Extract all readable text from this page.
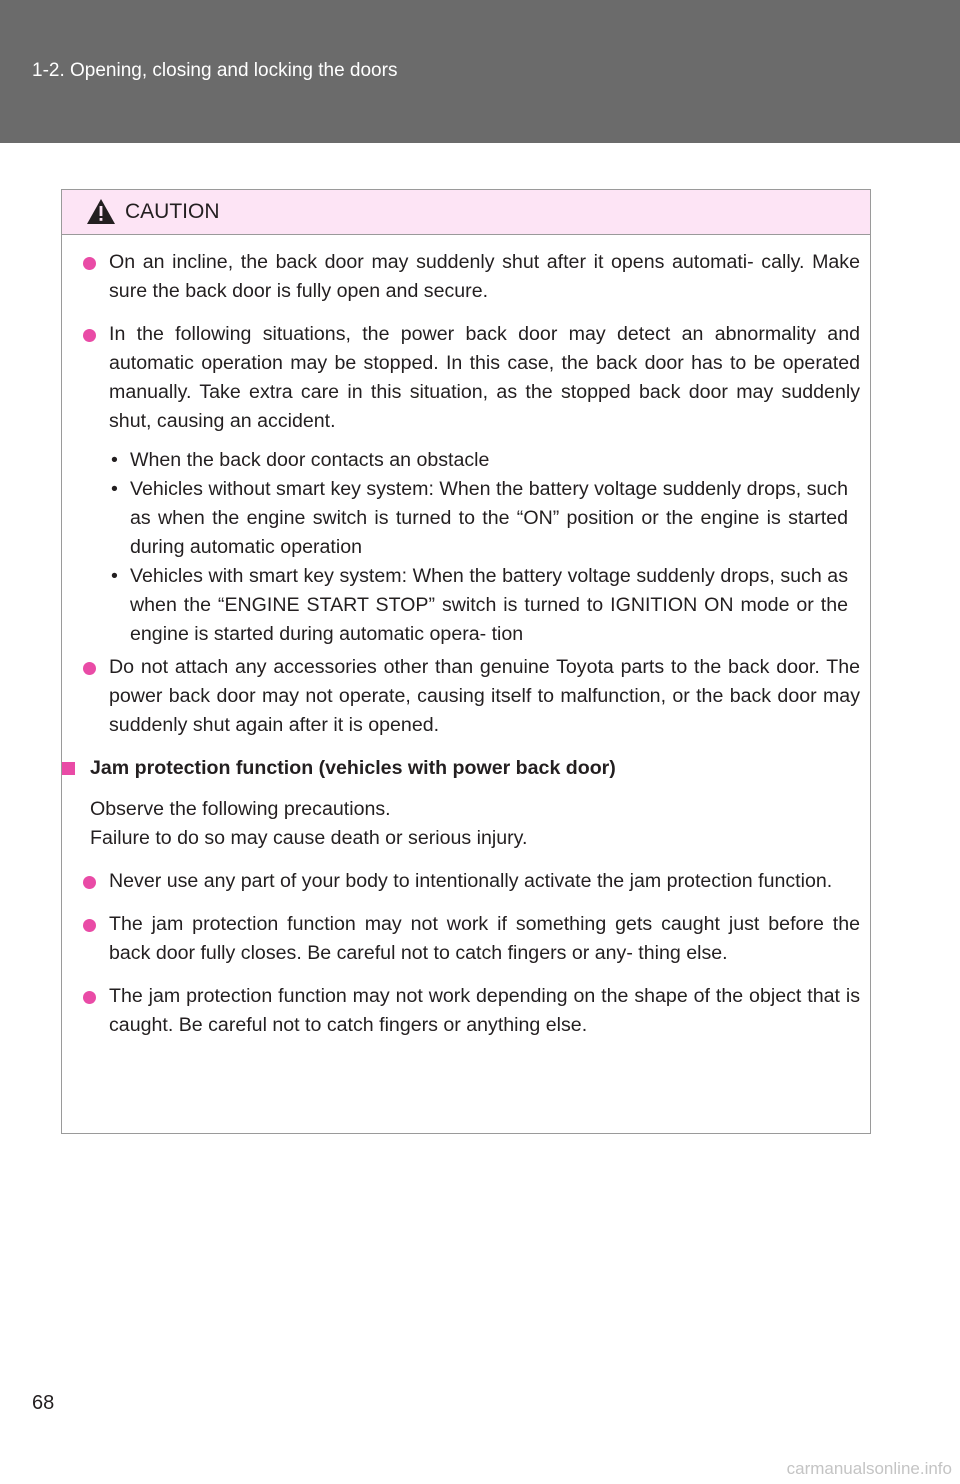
1-2. Opening, closing and locking the doors
CAUTION
On an incline, the back door may suddenly shut after it opens automati- cally. Make sure the back door is fully open and secure.
In the following situations, the power back door may detect an abnormality and automatic operation may be stopped. In this case, the back door has to be operated manually. Take extra care in this situation, as the stopped back door may suddenly shut, causing an accident.
• When the back door contacts an obstacle
• Vehicles without smart key system: When the battery voltage suddenly drops, such as when the engine switch is turned to the “ON” position or the engine is started during automatic operation
• Vehicles with smart key system: When the battery voltage suddenly drops, such as when the “ENGINE START STOP” switch is turned to IGNITION ON mode or the engine is started during automatic opera- tion
Do not attach any accessories other than genuine Toyota parts to the back door. The power back door may not operate, causing itself to malfunction, or the back door may suddenly shut again after it is opened.
Jam protection function (vehicles with power back door)
Observe the following precautions.
Failure to do so may cause death or serious injury.
Never use any part of your body to intentionally activate the jam protection function.
The jam protection function may not work if something gets caught just before the back door fully closes. Be careful not to catch fingers or any- thing else.
The jam protection function may not work depending on the shape of the object that is caught. Be careful not to catch fingers or anything else.
68
carmanualsonline.info
